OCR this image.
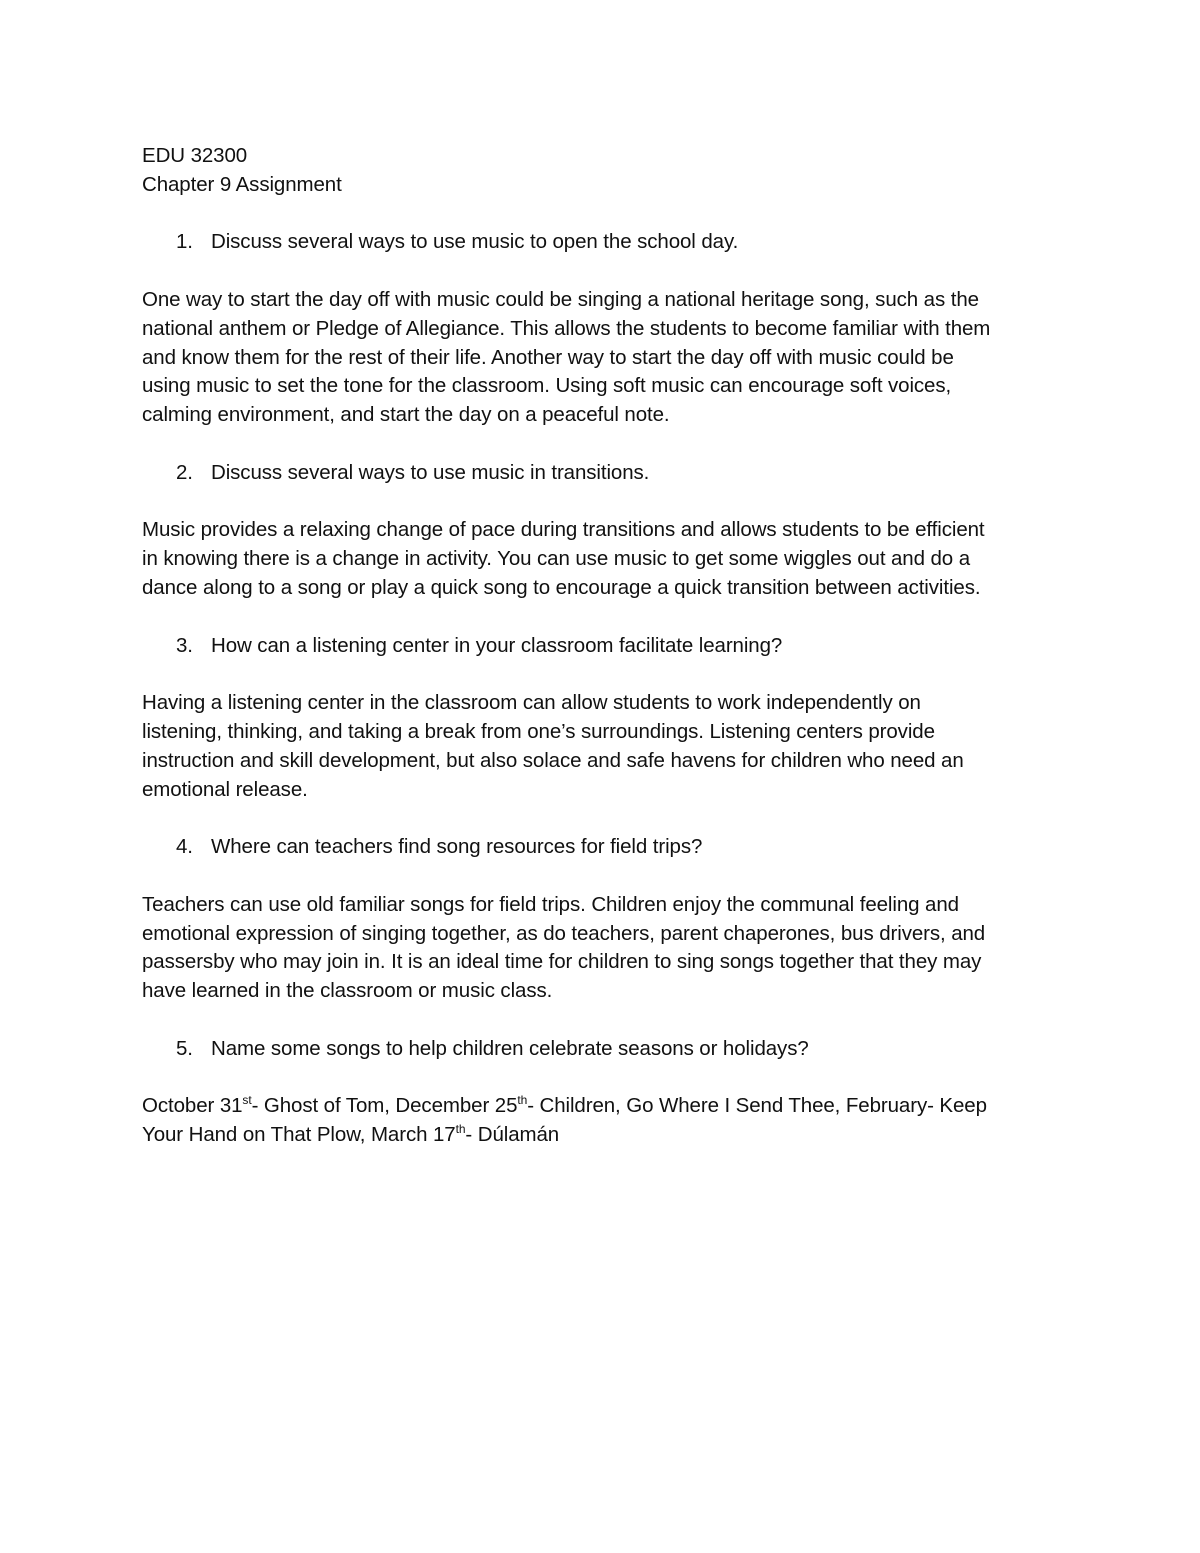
EDU 32300

Chapter 9 Assignment

1. Discuss several ways to use music to open the school day.

One way to start the day off with music could be singing a national heritage song, such as the

national anthem or Pledge of Allegiance. This allows the students to become familiar with them

and know them for the rest of their life. Another way to start the day off with music could be

using music to set the tone for the classroom. Using soft music can encourage soft voices,

calming environment, and start the day on a peaceful note.

2. Discuss several ways to use music in transitions.

Music provides a relaxing change of pace during transitions and allows students to be efficient

in knowing there is a change in activity. You can use music to get some wiggles out and do a

dance along to a song or play a quick song to encourage a quick transition between activities.

3. How can a listening center in your classroom facilitate learning?

Having a listening center in the classroom can allow students to work independently on

listening, thinking, and taking a break from one’s surroundings. Listening centers provide

instruction and skill development, but also solace and safe havens for children who need an

emotional release.

4. Where can teachers find song resources for field trips?

Teachers can use old familiar songs for field trips. Children enjoy the communal feeling and

emotional expression of singing together, as do teachers, parent chaperones, bus drivers, and

passersby who may join in. It is an ideal time for children to sing songs together that they may

have learned in the classroom or music class.

5. Name some songs to help children celebrate seasons or holidays?

October 31st- Ghost of Tom, December 25th- Children, Go Where I Send Thee, February- Keep

Your Hand on That Plow, March 17th- Dúlamán
